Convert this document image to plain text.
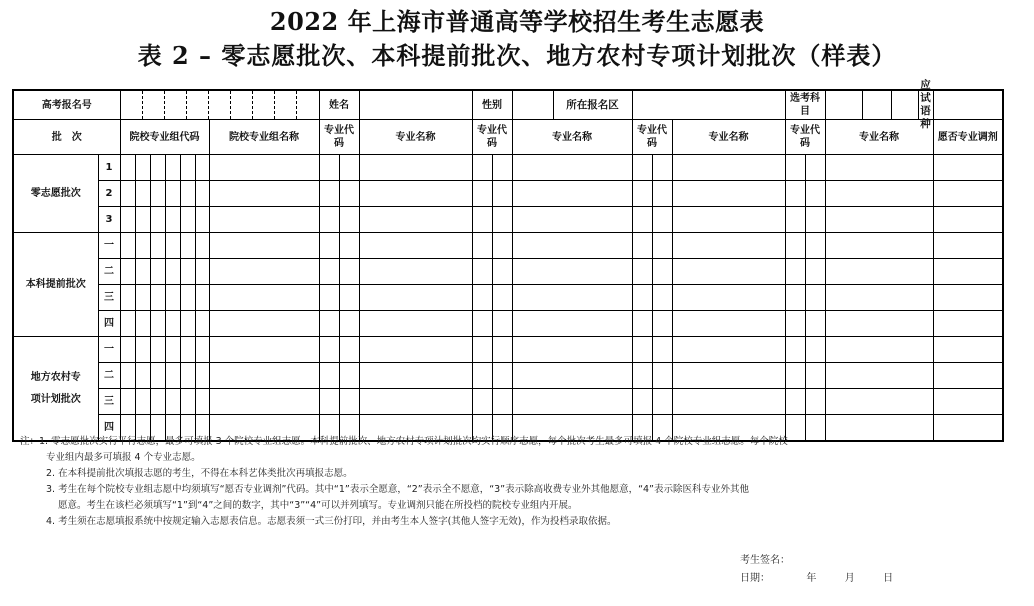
2022 年上海市普通高等学校招生考生志愿表
表 2 – 零志愿批次、本科提前批次、地方农村专项计划批次（样表）
高考报名号									姓名			性别		所在报名区				选考科目		应试语种	

批　次		院校专业组代码						院校专业组名称	专业代码		专业名称	专业代码		专业名称	专业代码		专业名称	专业代码		专业名称	愿否专业调剂
零志愿批次	1																				
	2																				
	3																				
本科提前批次	一																				
	二																				
	三																				
	四																				
地方农村专项计划批次	一																				
	二																				
	三																				
	四																				
注：1. 零志愿批次实行平行志愿，最多可填报 3 个院校专业组志愿。本科提前批次、地方农村专项计划批次均实行顺序志愿，每个批次考生最多可填报 4 个院校专业组志愿。每个院校
专业组内最多可填报 4 个专业志愿。
2. 在本科提前批次填报志愿的考生，不得在本科艺体类批次再填报志愿。
3. 考生在每个院校专业组志愿中均须填写“愿否专业调剂”代码。其中“1”表示全愿意，“2”表示全不愿意，“3”表示除高收费专业外其他愿意，“4”表示除医科专业外其他
愿意。考生在该栏必须填写“1”到“4”之间的数字，其中“3”“4”可以并列填写。专业调剂只能在所投档的院校专业组内开展。
4. 考生须在志愿填报系统中按规定输入志愿表信息。志愿表须一式三份打印，并由考生本人签字(其他人签字无效)，作为投档录取依据。
考生签名：
日期：	年	月	日
